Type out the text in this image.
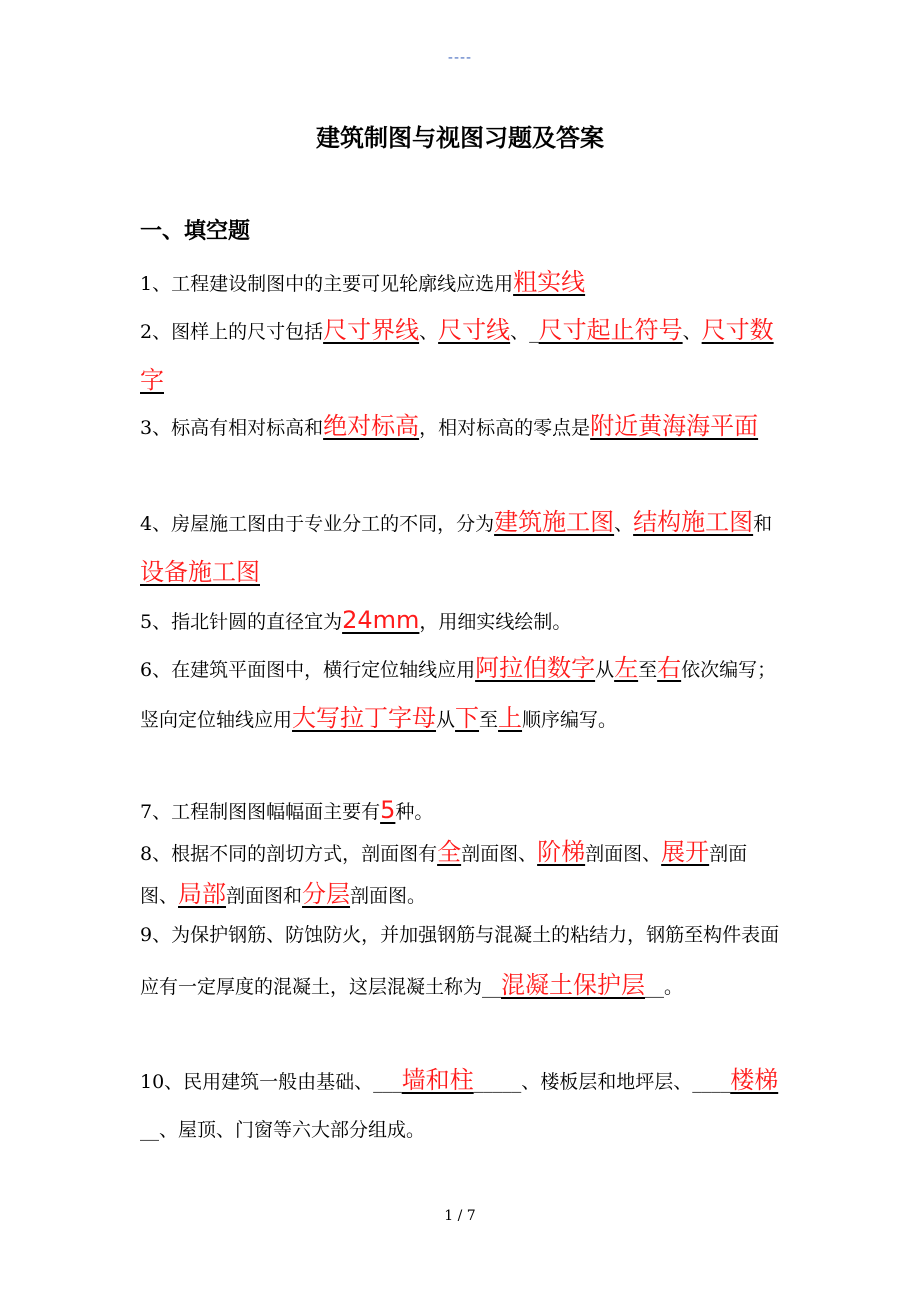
----
建筑制图与视图习题及答案
一、填空题
1、工程建设制图中的主要可见轮廓线应选用粗实线
2、图样上的尺寸包括尺寸界线、尺寸线、_尺寸起止符号、尺寸数字
3、标高有相对标高和绝对标高，相对标高的零点是附近黄海海平面
4、房屋施工图由于专业分工的不同，分为建筑施工图、结构施工图和设备施工图
5、指北针圆的直径宜为24mm，用细实线绘制。
6、在建筑平面图中，横行定位轴线应用阿拉伯数字从左至右依次编写；竖向定位轴线应用大写拉丁字母从下至上顺序编写。
7、工程制图图幅幅面主要有5种。
8、根据不同的剖切方式，剖面图有全剖面图、阶梯剖面图、展开剖面图、局部剖面图和分层剖面图。
9、为保护钢筋、防蚀防火，并加强钢筋与混凝土的粘结力，钢筋至构件表面应有一定厚度的混凝土，这层混凝土称为__混凝土保护层__。
10、民用建筑一般由基础、___墙和柱_____、楼板层和地坪层、____楼梯__、屋顶、门窗等六大部分组成。
1 / 7
